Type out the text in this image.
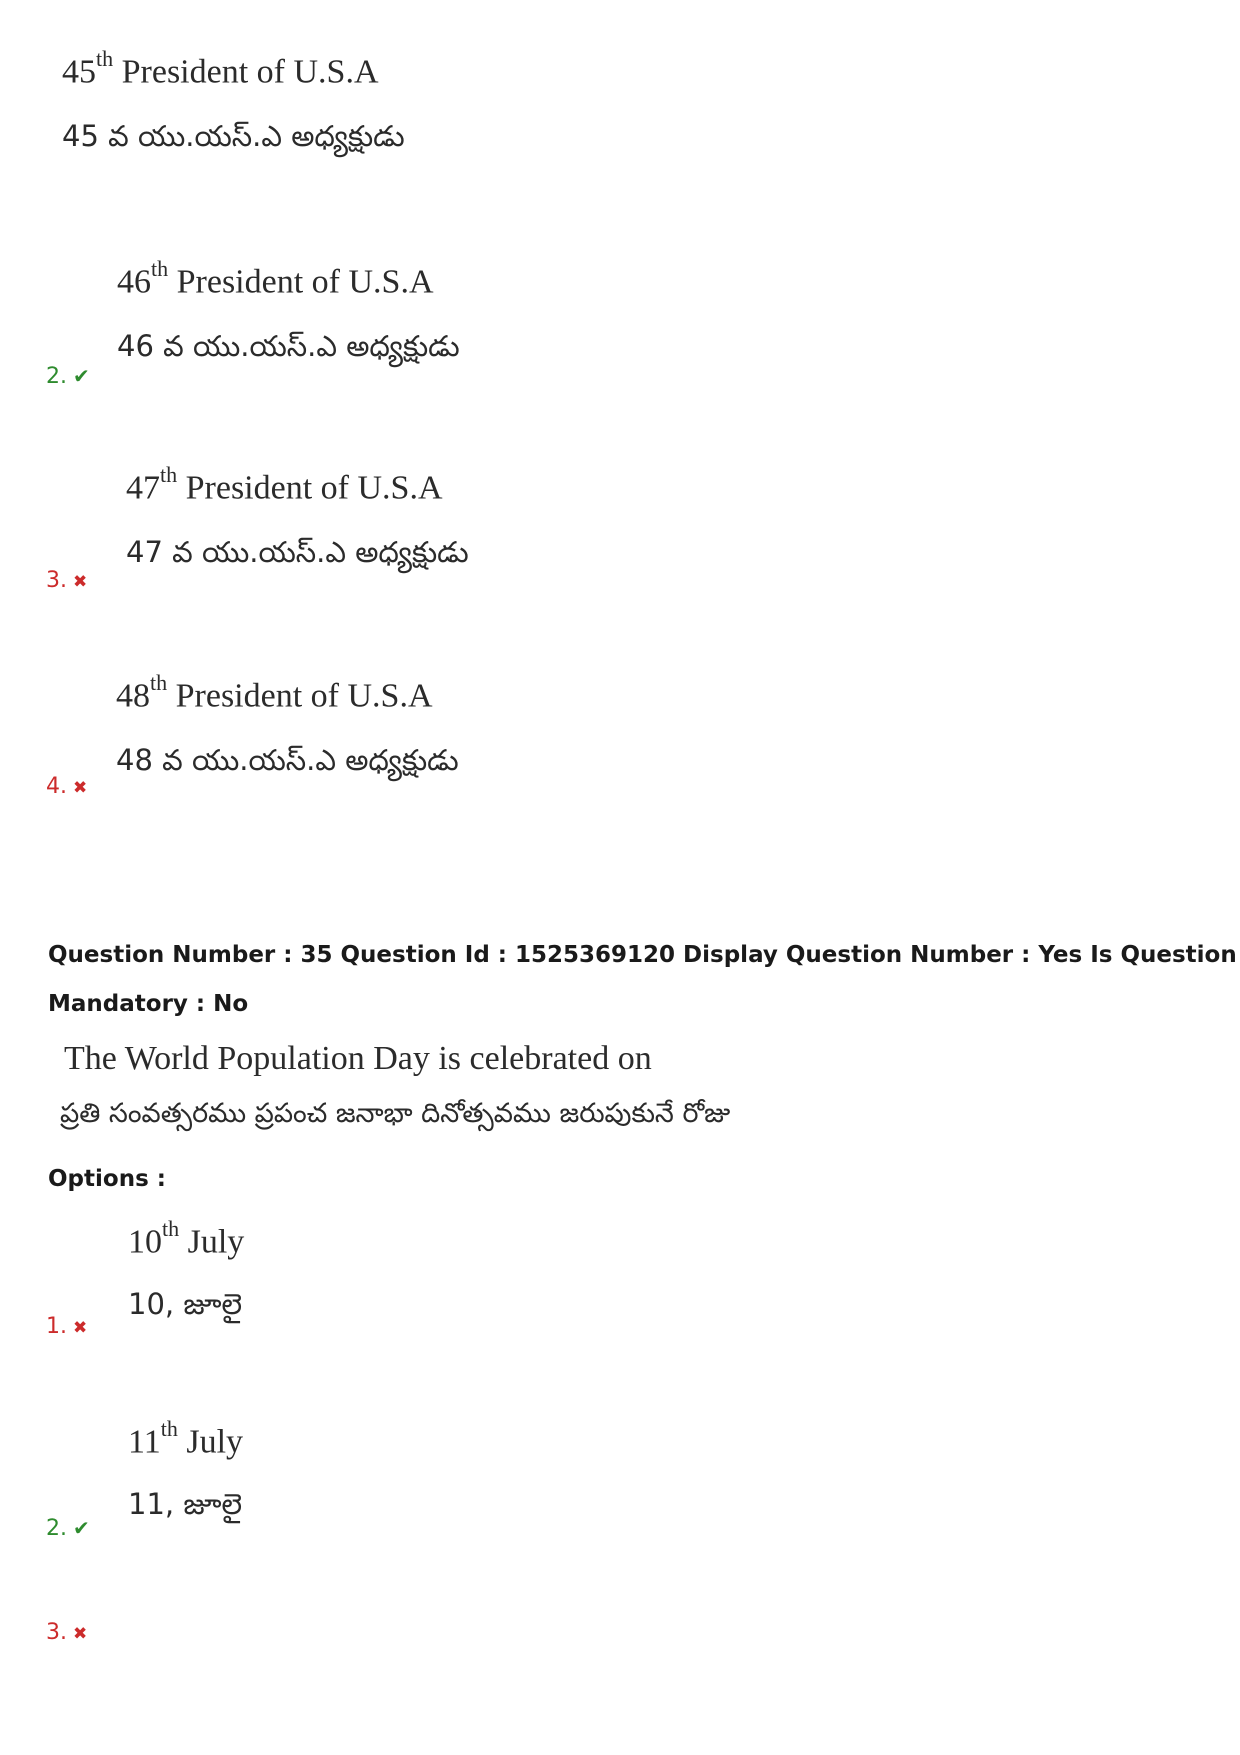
45th President of U.S.A
45 వ యు.యస్.ఎ అధ్యక్షుడు
46th President of U.S.A
46 వ యు.యస్.ఎ అధ్యక్షుడు
2. ✔
47th President of U.S.A
47 వ యు.యస్.ఎ అధ్యక్షుడు
3. ✖
48th President of U.S.A
48 వ యు.యస్.ఎ అధ్యక్షుడు
4. ✖
Question Number : 35 Question Id : 1525369120 Display Question Number : Yes Is Question
Mandatory : No
The World Population Day is celebrated on
ప్రతి సంవత్సరము ప్రపంచ జనాభా దినోత్సవము జరుపుకునే రోజు
Options :
10th July
10, జూలై
1. ✖
11th July
11, జూలై
2. ✔
3. ✖
